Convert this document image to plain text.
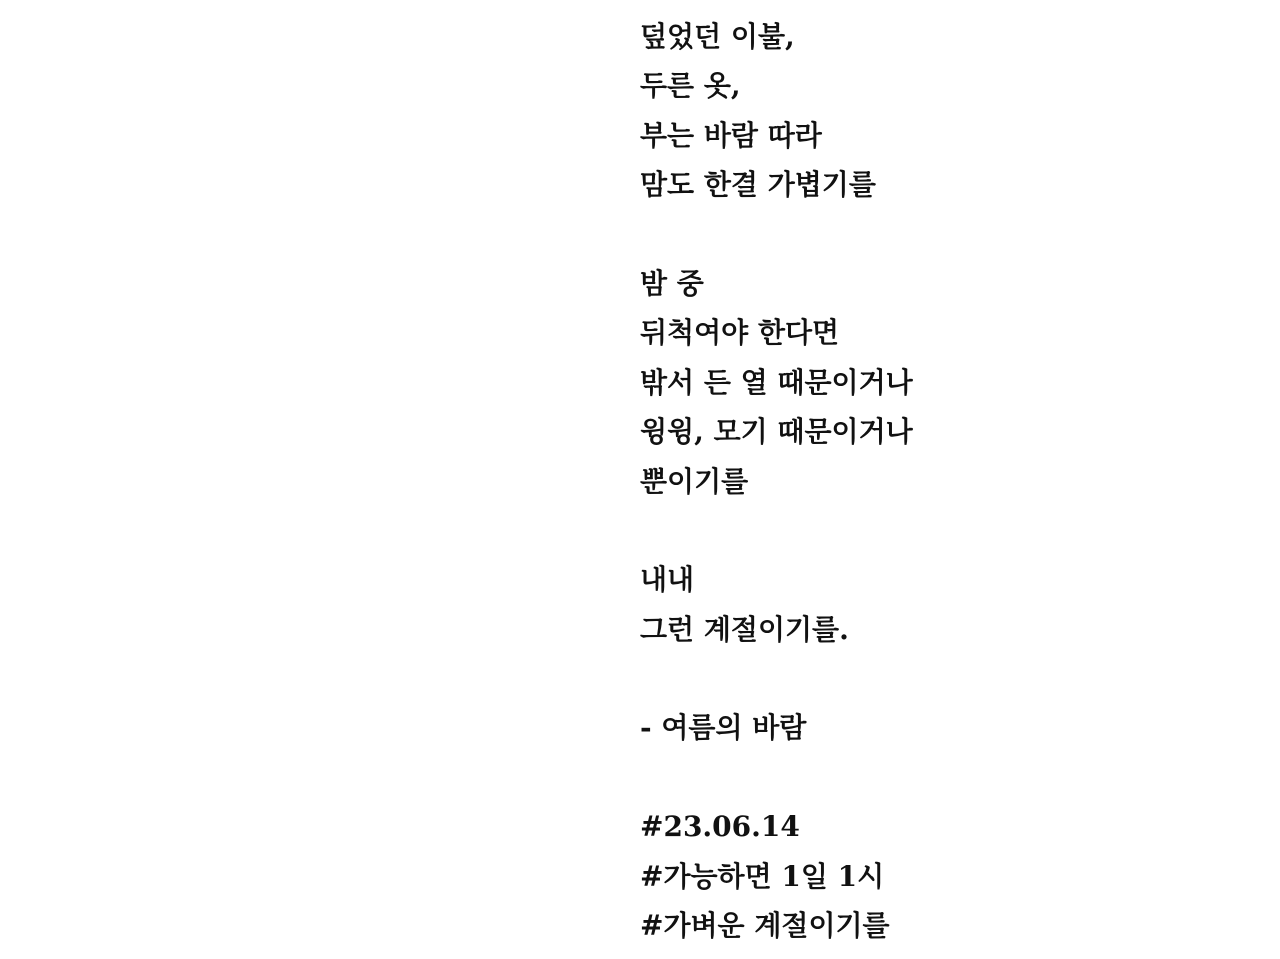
덮었던 이불,
두른 옷,
부는 바람 따라
맘도 한결 가볍기를
밤 중
뒤척여야 한다면
밖서 든 열 때문이거나
윙윙, 모기 때문이거나
뿐이기를
내내
그런 계절이기를.
- 여름의 바람
#23.06.14
#가능하면 1일 1시
#가벼운 계절이기를
